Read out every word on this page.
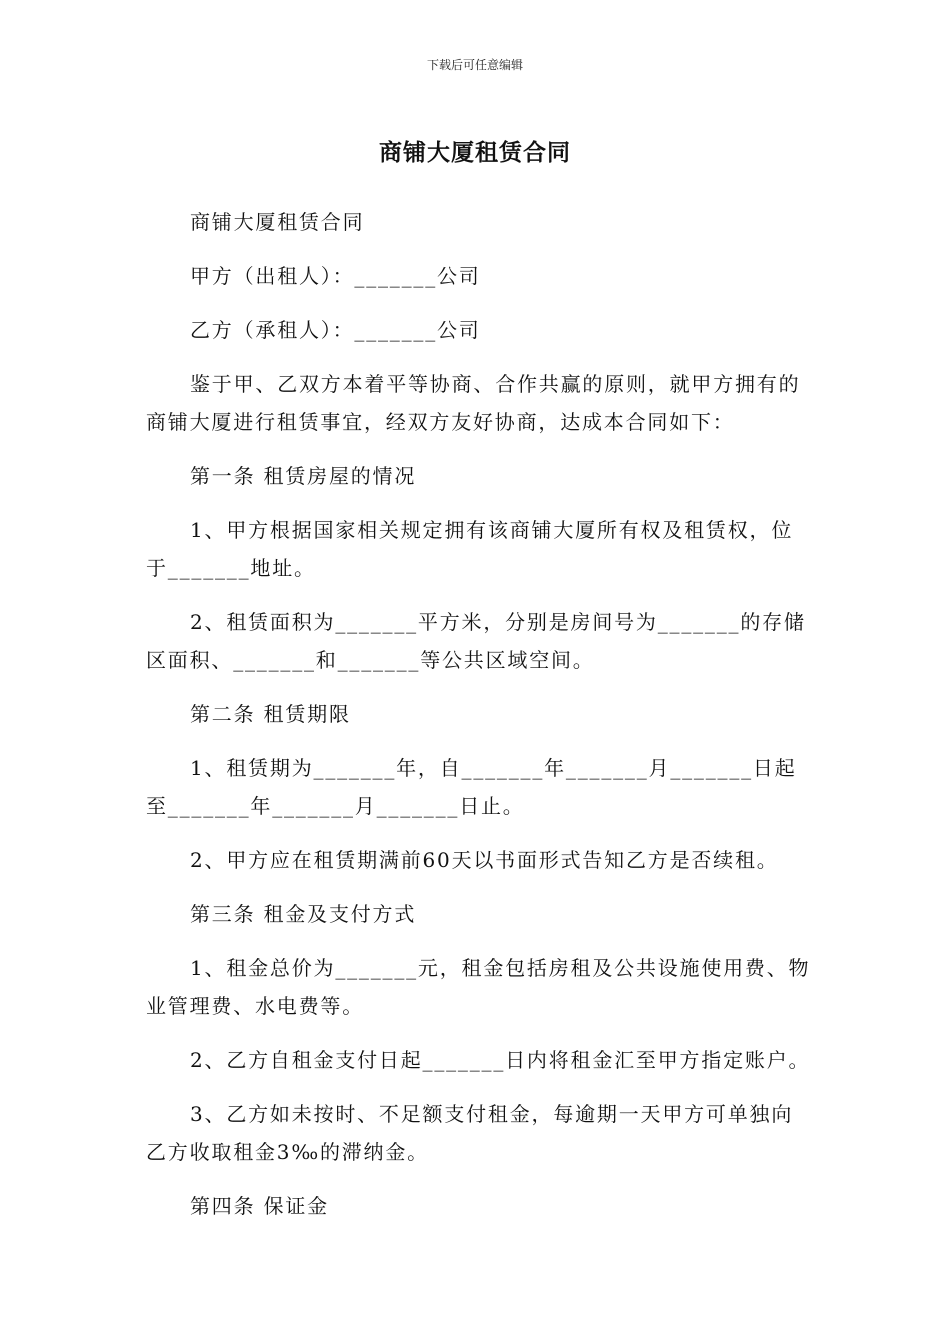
下载后可任意编辑
商铺大厦租赁合同

商铺大厦租赁合同

甲方（出租人）：_______公司

乙方（承租人）：_______公司

鉴于甲、乙双方本着平等协商、合作共赢的原则，就甲方拥有的商铺大厦进行租赁事宜，经双方友好协商，达成本合同如下：

第一条 租赁房屋的情况

1、甲方根据国家相关规定拥有该商铺大厦所有权及租赁权，位于_______地址。

2、租赁面积为_______平方米，分别是房间号为_______的存储区面积、_______和_______等公共区域空间。

第二条 租赁期限

1、租赁期为_______年，自_______年_______月_______日起至_______年_______月_______日止。

2、甲方应在租赁期满前60天以书面形式告知乙方是否续租。

第三条 租金及支付方式

1、租金总价为_______元，租金包括房租及公共设施使用费、物业管理费、水电费等。

2、乙方自租金支付日起_______日内将租金汇至甲方指定账户。

3、乙方如未按时、不足额支付租金，每逾期一天甲方可单独向乙方收取租金3‰的滞纳金。

第四条 保证金
